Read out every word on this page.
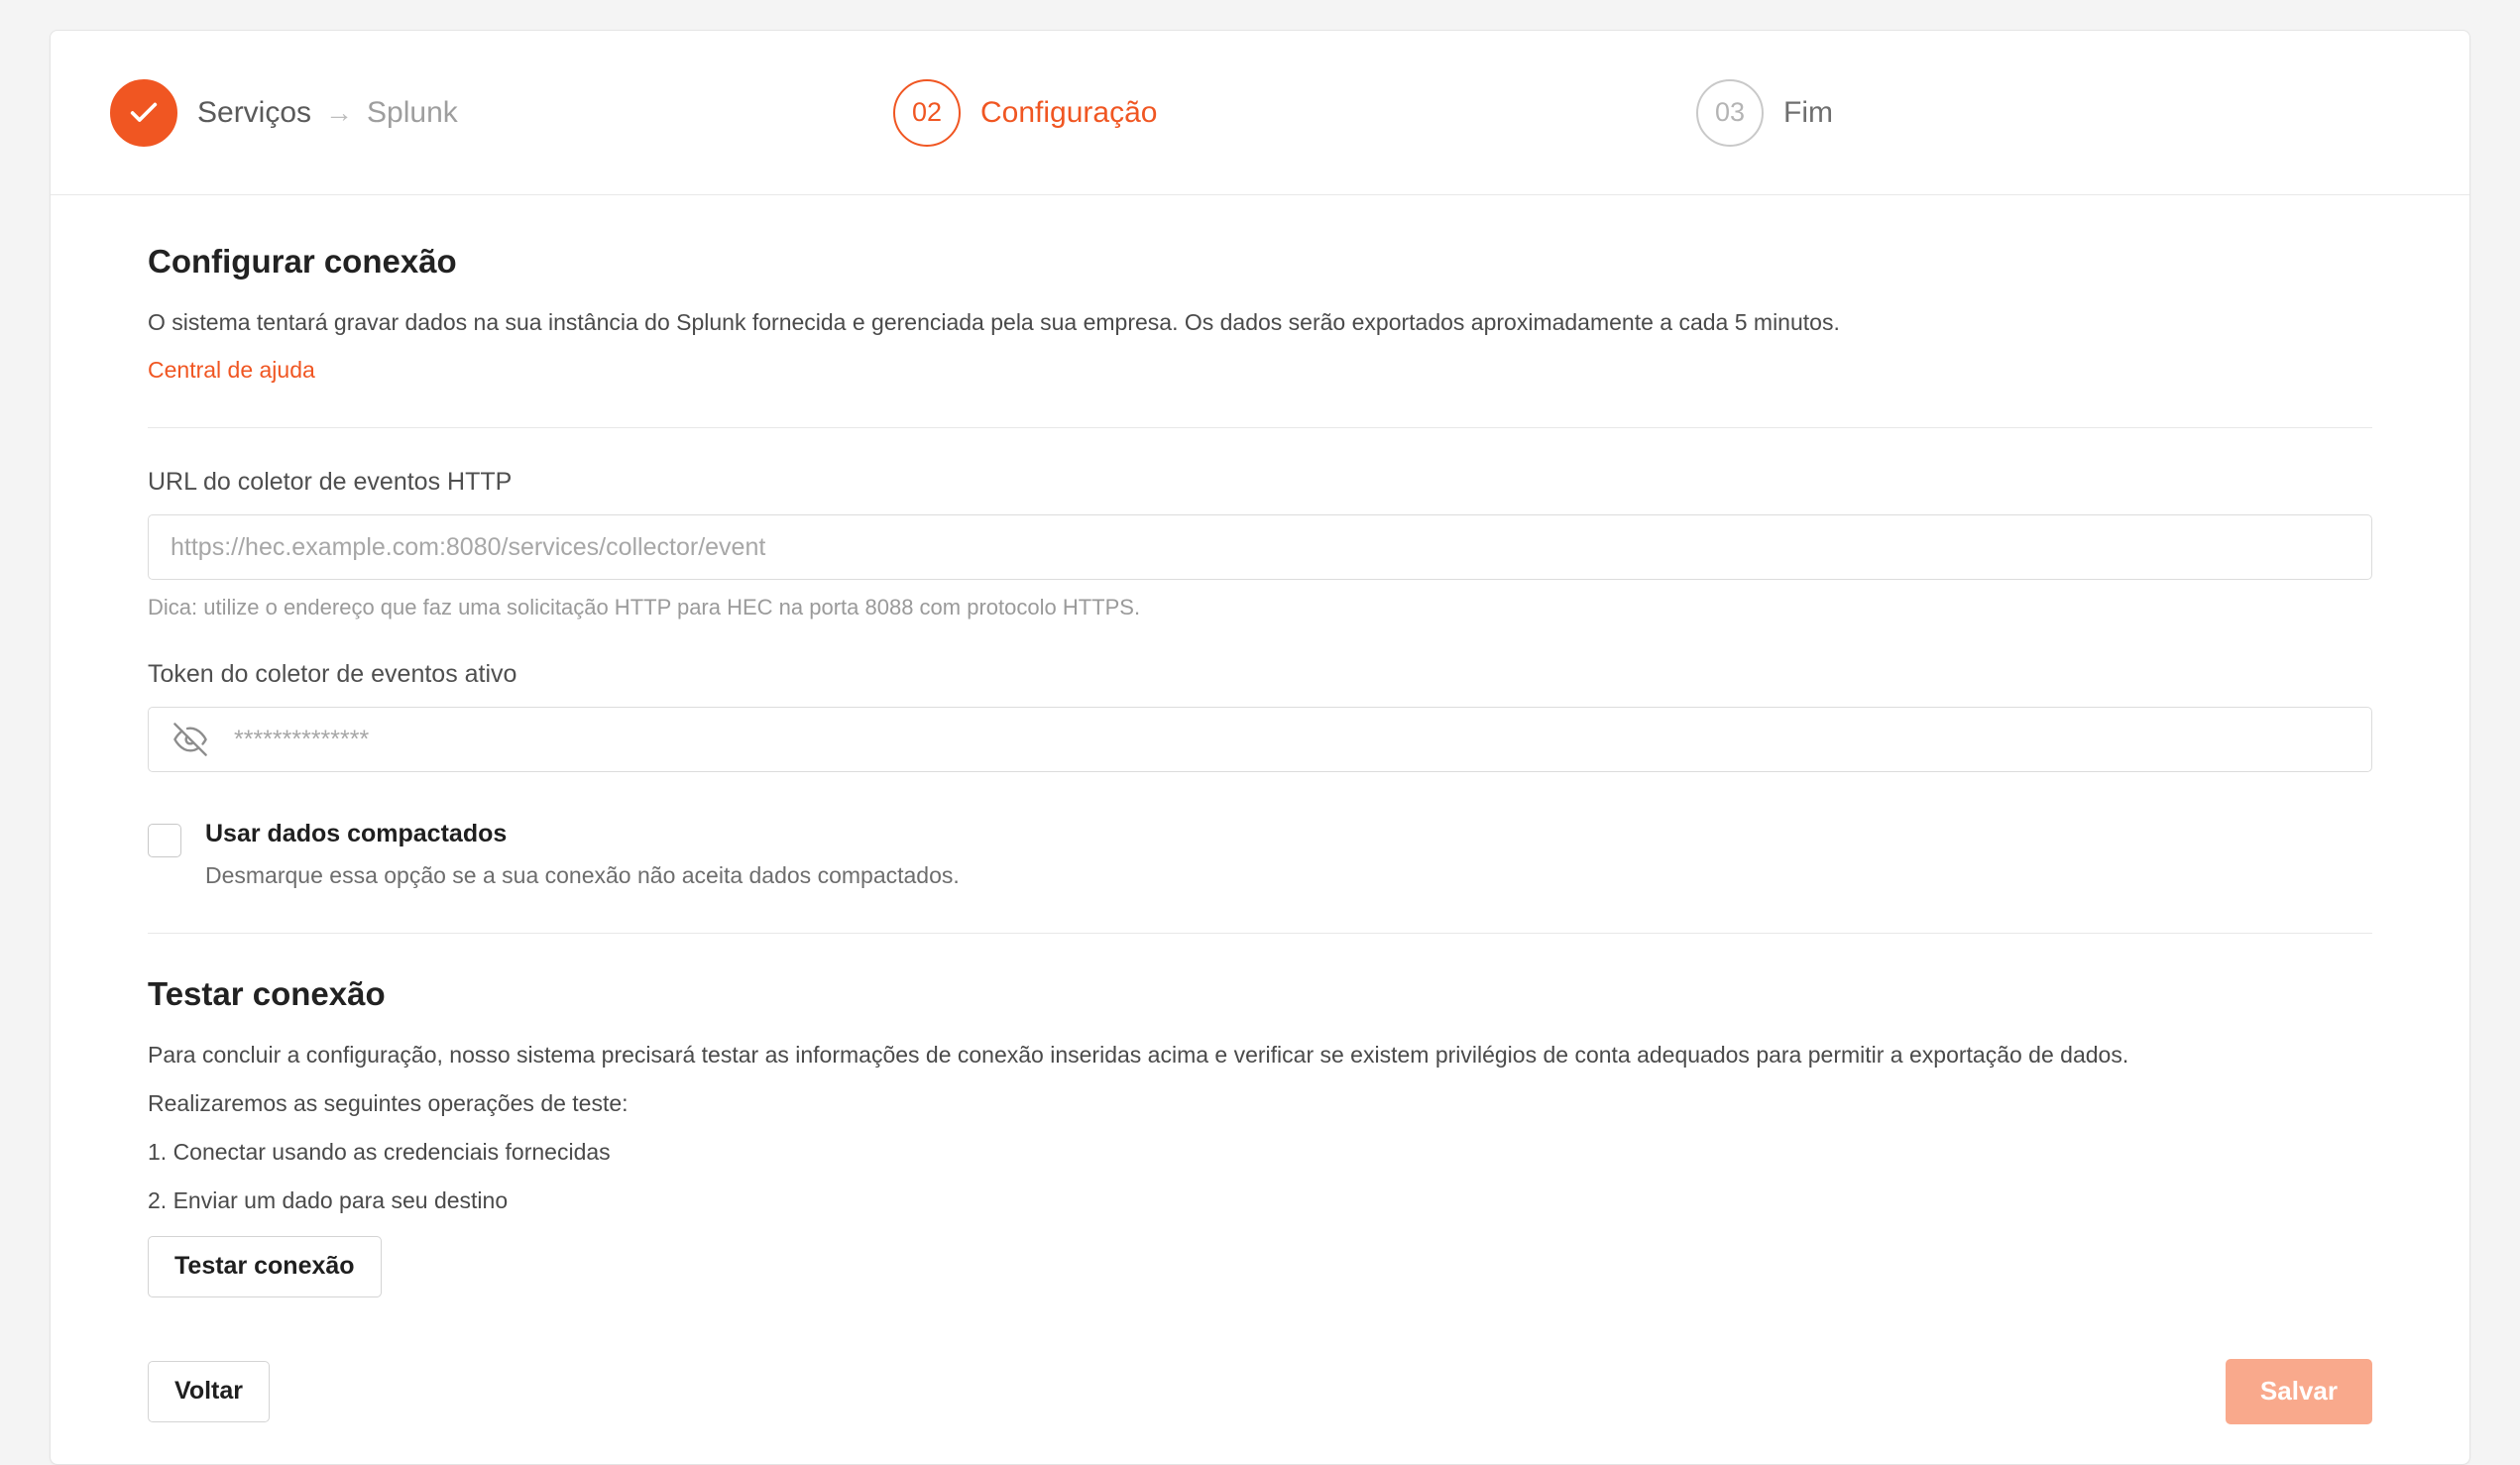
Serviços → Splunk	02	Configuração	03	Fim
Configurar conexão

O sistema tentará gravar dados na sua instância do Splunk fornecida e gerenciada pela sua empresa. Os dados serão exportados aproximadamente a cada 5 minutos.

Central de ajuda
URL do coletor de eventos HTTP
https://hec.example.com:8080/services/collector/event
Dica: utilize o endereço que faz uma solicitação HTTP para HEC na porta 8088 com protocolo HTTPS.
Token do coletor de eventos ativo
**************
Usar dados compactados
Desmarque essa opção se a sua conexão não aceita dados compactados.
Testar conexão

Para concluir a configuração, nosso sistema precisará testar as informações de conexão inseridas acima e verificar se existem privilégios de conta adequados para permitir a exportação de dados.

Realizaremos as seguintes operações de teste:

1. Conectar usando as credenciais fornecidas

2. Enviar um dado para seu destino

Testar conexão
Voltar	Salvar
